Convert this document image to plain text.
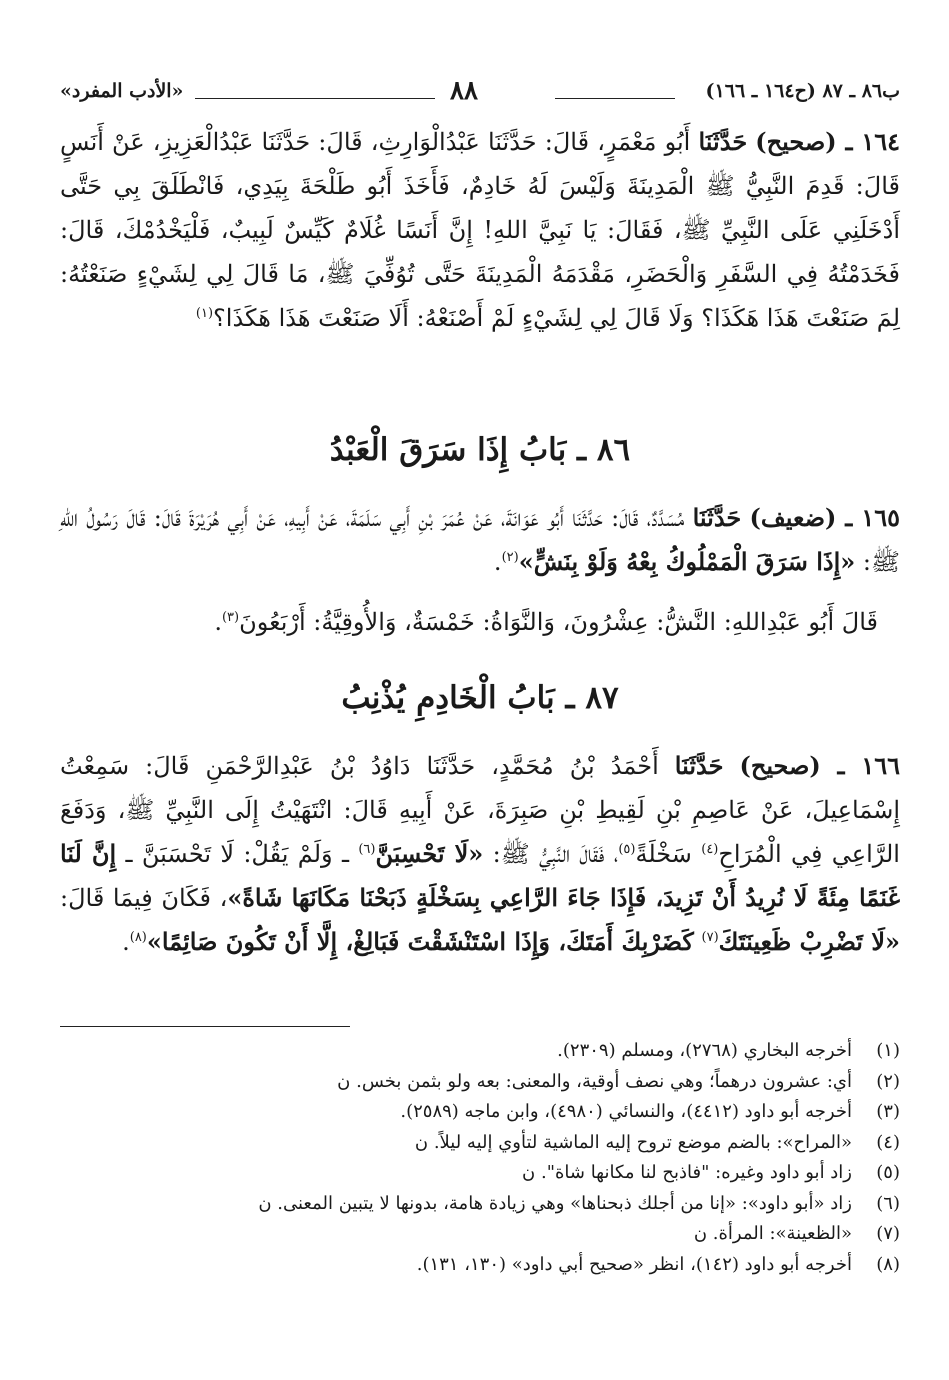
ب٨٦ ـ ٨٧ (ح١٦٤ ـ ١٦٦)
٨٨
«الأدب المفرد»
١٦٤ ـ (صحيح) حَدَّثَنَا أَبُو مَعْمَرٍ، قَالَ: حَدَّثَنَا عَبْدُالْوَارِثِ، قَالَ: حَدَّثَنَا عَبْدُالْعَزِيزِ، عَنْ أَنَسٍ قَالَ: قَدِمَ النَّبِيُّ ﷺ الْمَدِينَةَ وَلَيْسَ لَهُ خَادِمٌ، فَأَخَذَ أَبُو طَلْحَةَ بِيَدِي، فَانْطَلَقَ بِي حَتَّى أَدْخَلَنِي عَلَى النَّبِيِّ ﷺ، فَقَالَ: يَا نَبِيَّ اللهِ! إِنَّ أَنَسًا غُلَامٌ كَيِّسٌ لَبِيبٌ، فَلْيَخْدُمْكَ، قَالَ: فَخَدَمْتُهُ فِي السَّفَرِ وَالْحَضَرِ، مَقْدَمَهُ الْمَدِينَةَ حَتَّى تُوُفِّيَ ﷺ، مَا قَالَ لِي لِشَيْءٍ صَنَعْتُهُ: لِمَ صَنَعْتَ هَذَا هَكَذَا؟ وَلَا قَالَ لِي لِشَيْءٍ لَمْ أَصْنَعْهُ: أَلَا صَنَعْتَ هَذَا هَكَذَا؟$^{(١)}$
٨٦ ـ بَابُ إِذَا سَرَقَ الْعَبْدُ
١٦٥ ـ (ضعيف) حَدَّثَنَا مُسَدَّدٌ، قَالَ: حَدَّثَنَا أَبُو عَوَانَةَ، عَنْ عُمَرَ بْنِ أَبِي سَلَمَةَ، عَنْ أَبِيهِ، عَنْ أَبِي هُرَيْرَةَ قَالَ: قَالَ رَسُولُ اللهِ ﷺ: «إِذَا سَرَقَ الْمَمْلُوكُ بِعْهُ وَلَوْ بِنَشٍّ»$^{(٢)}$.
قَالَ أَبُو عَبْدِاللهِ: النَّشُّ: عِشْرُونَ، وَالنَّوَاةُ: خَمْسَةٌ، وَالأُوقِيَّةُ: أَرْبَعُونَ$^{(٣)}$.
٨٧ ـ بَابُ الْخَادِمِ يُذْنِبُ
١٦٦ ـ (صحيح) حَدَّثَنَا أَحْمَدُ بْنُ مُحَمَّدٍ، حَدَّثَنَا دَاوُدُ بْنُ عَبْدِالرَّحْمَنِ قَالَ: سَمِعْتُ إِسْمَاعِيلَ، عَنْ عَاصِمِ بْنِ لَقِيطِ بْنِ صَبِرَةَ، عَنْ أَبِيهِ قَالَ: انْتَهَيْتُ إِلَى النَّبِيِّ ﷺ، وَدَفَعَ الرَّاعِي فِي الْمُرَاحِ$^{(٤)}$ سَخْلَةً$^{(٥)}$، فَقَالَ النَّبِيُّ ﷺ: «لَا تَحْسِبَنَّ$^{(٦)}$ ـ وَلَمْ يَقُلْ: لَا تَحْسَبَنَّ ـ إِنَّ لَنَا غَنَمًا مِئَةً لَا نُرِيدُ أَنْ تَزِيدَ، فَإِذَا جَاءَ الرَّاعِي بِسَخْلَةٍ ذَبَحْنَا مَكَانَهَا شَاةً»، فَكَانَ فِيمَا قَالَ: «لَا تَضْرِبْ ظَعِينَتَكَ$^{(٧)}$ كَضَرْبِكَ أَمَتَكَ، وَإِذَا اسْتَنْشَقْتَ فَبَالِغْ، إِلَّا أَنْ تَكُونَ صَائِمًا»$^{(٨)}$.
(١)
أخرجه البخاري (٢٧٦٨)، ومسلم (٢٣٠٩).
(٢)
أي: عشرون درهماً؛ وهي نصف أوقية، والمعنى: بعه ولو بثمن بخس. ن
(٣)
أخرجه أبو داود (٤٤١٢)، والنسائي (٤٩٨٠)، وابن ماجه (٢٥٨٩).
(٤)
«المراح»: بالضم موضع تروح إليه الماشية لتأوي إليه ليلاً. ن
(٥)
زاد أبو داود وغيره: "فاذبح لنا مكانها شاة". ن
(٦)
زاد «أبو داود»: «إنا من أجلك ذبحناها» وهي زيادة هامة، بدونها لا يتبين المعنى. ن
(٧)
«الظعينة»: المرأة. ن
(٨)
أخرجه أبو داود (١٤٢)، انظر «صحيح أبي داود» (١٣٠، ١٣١).
